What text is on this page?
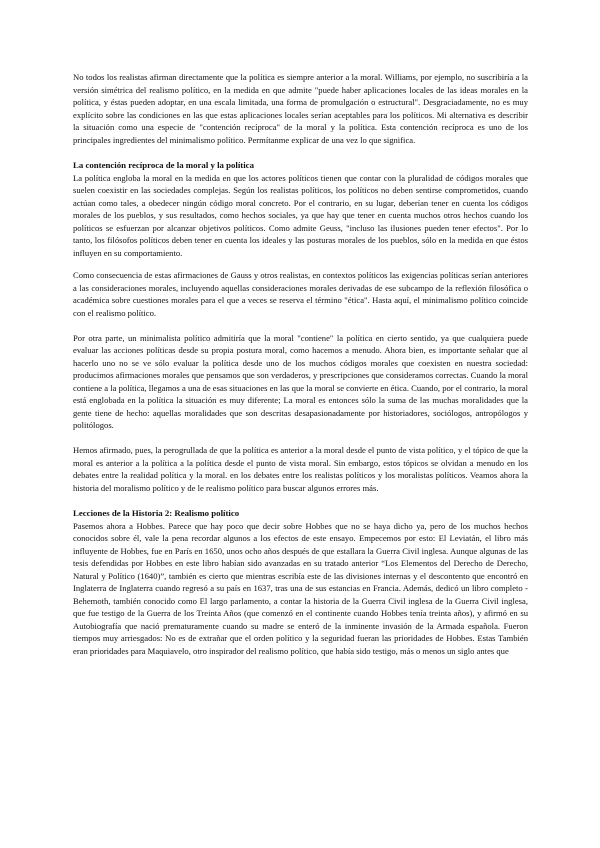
No todos los realistas afirman directamente que la política es siempre anterior a la moral. Williams, por ejemplo, no suscribiría a la versión simétrica del realismo político, en la medida en que admite "puede haber aplicaciones locales de las ideas morales en la política, y éstas pueden adoptar, en una escala limitada, una forma de promulgación o estructural". Desgraciadamente, no es muy explícito sobre las condiciones en las que estas aplicaciones locales serían aceptables para los políticos. Mi alternativa es describir la situación como una especie de "contención recíproca" de la moral y la política. Esta contención recíproca es uno de los principales ingredientes del minimalismo político. Permítanme explicar de una vez lo que significa.

La contención recíproca de la moral y la política

La política engloba la moral en la medida en que los actores políticos tienen que contar con la pluralidad de códigos morales que suelen coexistir en las sociedades complejas. Según los realistas políticos, los políticos no deben sentirse comprometidos, cuando actúan como tales, a obedecer ningún código moral concreto. Por el contrario, en su lugar, deberían tener en cuenta los códigos morales de los pueblos, y sus resultados, como hechos sociales, ya que hay que tener en cuenta muchos otros hechos cuando los políticos se esfuerzan por alcanzar objetivos políticos. Como admite Geuss, "incluso las ilusiones pueden tener efectos". Por lo tanto, los filósofos políticos deben tener en cuenta los ideales y las posturas morales de los pueblos, sólo en la medida en que éstos influyen en su comportamiento.

Como consecuencia de estas afirmaciones de Gauss y otros realistas, en contextos políticos las exigencias políticas serían anteriores a las consideraciones morales, incluyendo aquellas consideraciones morales derivadas de ese subcampo de la reflexión filosófica o académica sobre cuestiones morales para el que a veces se reserva el término "ética". Hasta aquí, el minimalismo político coincide con el realismo político.

Por otra parte, un minimalista político admitiría que la moral "contiene" la política en cierto sentido, ya que cualquiera puede evaluar las acciones políticas desde su propia postura moral, como hacemos a menudo. Ahora bien, es importante señalar que al hacerlo uno no se ve sólo evaluar la política desde uno de los muchos códigos morales que coexisten en nuestra sociedad: producimos afirmaciones morales que pensamos que son verdaderos, y prescripciones que consideramos correctas. Cuando la moral contiene a la política, llegamos a una de esas situaciones en las que la moral se convierte en ética. Cuando, por el contrario, la moral está englobada en la política la situación es muy diferente; La moral es entonces sólo la suma de las muchas moralidades que la gente tiene de hecho: aquellas moralidades que son descritas desapasionadamente por historiadores, sociólogos, antropólogos y politólogos.

Hemos afirmado, pues, la perogrullada de que la política es anterior a la moral desde el punto de vista político, y el tópico de que la moral es anterior a la política a la política desde el punto de vista moral. Sin embargo, estos tópicos se olvidan a menudo en los debates entre la realidad política y la moral. en los debates entre los realistas políticos y los moralistas políticos. Veamos ahora la historia del moralismo político y de le realismo político para buscar algunos errores más.

Lecciones de la Historia 2: Realismo político

Pasemos ahora a Hobbes. Parece que hay poco que decir sobre Hobbes que no se haya dicho ya, pero de los muchos hechos conocidos sobre él, vale la pena recordar algunos a los efectos de este ensayo. Empecemos por esto: El Leviatán, el libro más influyente de Hobbes, fue en París en 1650, unos ocho años después de que estallara la Guerra Civil inglesa. Aunque algunas de las tesis defendidas por Hobbes en este libro habían sido avanzadas en su tratado anterior “Los Elementos del Derecho de Derecho, Natural y Político (1640)”, también es cierto que mientras escribía este de las divisiones internas y el descontento que encontró en Inglaterra de Inglaterra cuando regresó a su país en 1637, tras una de sus estancias en Francia. Además, dedicó un libro completo -Behemoth, también conocido como El largo parlamento, a contar la historia de la Guerra Civil inglesa de la Guerra Civil inglesa, que fue testigo de la Guerra de los Treinta Años (que comenzó en el continente cuando Hobbes tenía treinta años), y afirmó en su Autobiografía que nació prematuramente cuando su madre se enteró de la inminente invasión de la Armada española. Fueron tiempos muy arriesgados: No es de extrañar que el orden político y la seguridad fueran las prioridades de Hobbes. Estas También eran prioridades para Maquiavelo, otro inspirador del realismo político, que había sido testigo, más o menos un siglo antes que
